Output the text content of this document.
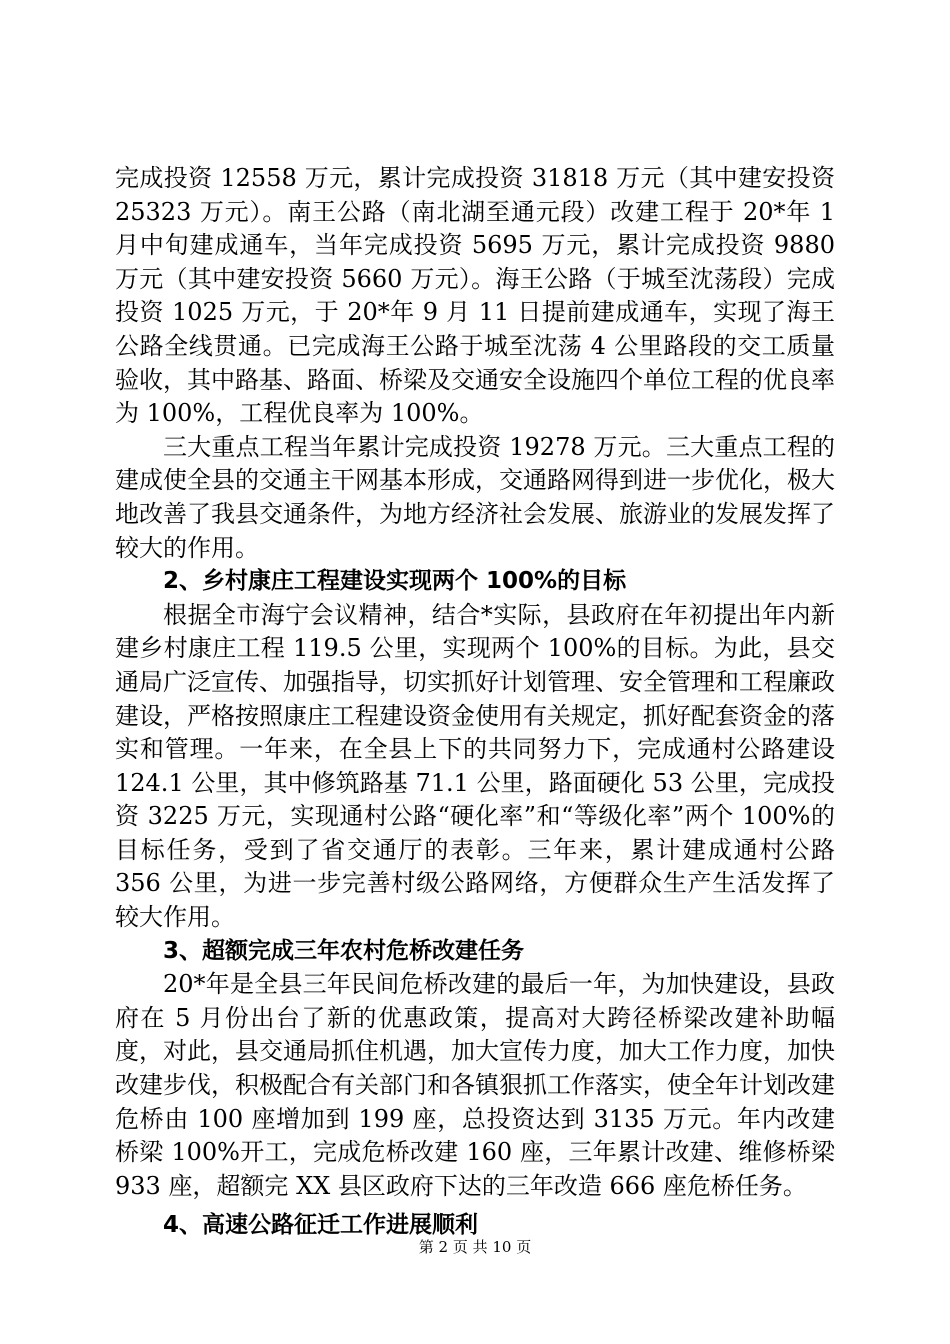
完成投资 12558 万元，累计完成投资 31818 万元（其中建安投资 25323 万元）。南王公路（南北湖至通元段）改建工程于 20*年 1 月中旬建成通车，当年完成投资 5695 万元，累计完成投资 9880 万元（其中建安投资 5660 万元）。海王公路（于城至沈荡段）完成投资 1025 万元，于 20*年 9 月 11 日提前建成通车，实现了海王公路全线贯通。已完成海王公路于城至沈荡 4 公里路段的交工质量验收，其中路基、路面、桥梁及交通安全设施四个单位工程的优良率为 100%，工程优良率为 100%。

三大重点工程当年累计完成投资 19278 万元。三大重点工程的建成使全县的交通主干网基本形成，交通路网得到进一步优化，极大地改善了我县交通条件，为地方经济社会发展、旅游业的发展发挥了较大的作用。

2、乡村康庄工程建设实现两个 100%的目标

根据全市海宁会议精神，结合*实际，县政府在年初提出年内新建乡村康庄工程 119.5 公里，实现两个 100%的目标。为此，县交通局广泛宣传、加强指导，切实抓好计划管理、安全管理和工程廉政建设，严格按照康庄工程建设资金使用有关规定，抓好配套资金的落实和管理。一年来，在全县上下的共同努力下，完成通村公路建设 124.1 公里，其中修筑路基 71.1 公里，路面硬化 53 公里，完成投资 3225 万元，实现通村公路“硬化率”和“等级化率”两个 100%的目标任务，受到了省交通厅的表彰。三年来，累计建成通村公路 356 公里，为进一步完善村级公路网络，方便群众生产生活发挥了较大作用。

3、超额完成三年农村危桥改建任务

20*年是全县三年民间危桥改建的最后一年，为加快建设，县政府在 5 月份出台了新的优惠政策，提高对大跨径桥梁改建补助幅度，对此，县交通局抓住机遇，加大宣传力度，加大工作力度，加快改建步伐，积极配合有关部门和各镇狠抓工作落实，使全年计划改建危桥由 100 座增加到 199 座，总投资达到 3135 万元。年内改建桥梁 100%开工，完成危桥改建 160 座，三年累计改建、维修桥梁 933 座，超额完 XX 县区政府下达的三年改造 666 座危桥任务。

4、高速公路征迁工作进展顺利
第 2 页 共 10 页
